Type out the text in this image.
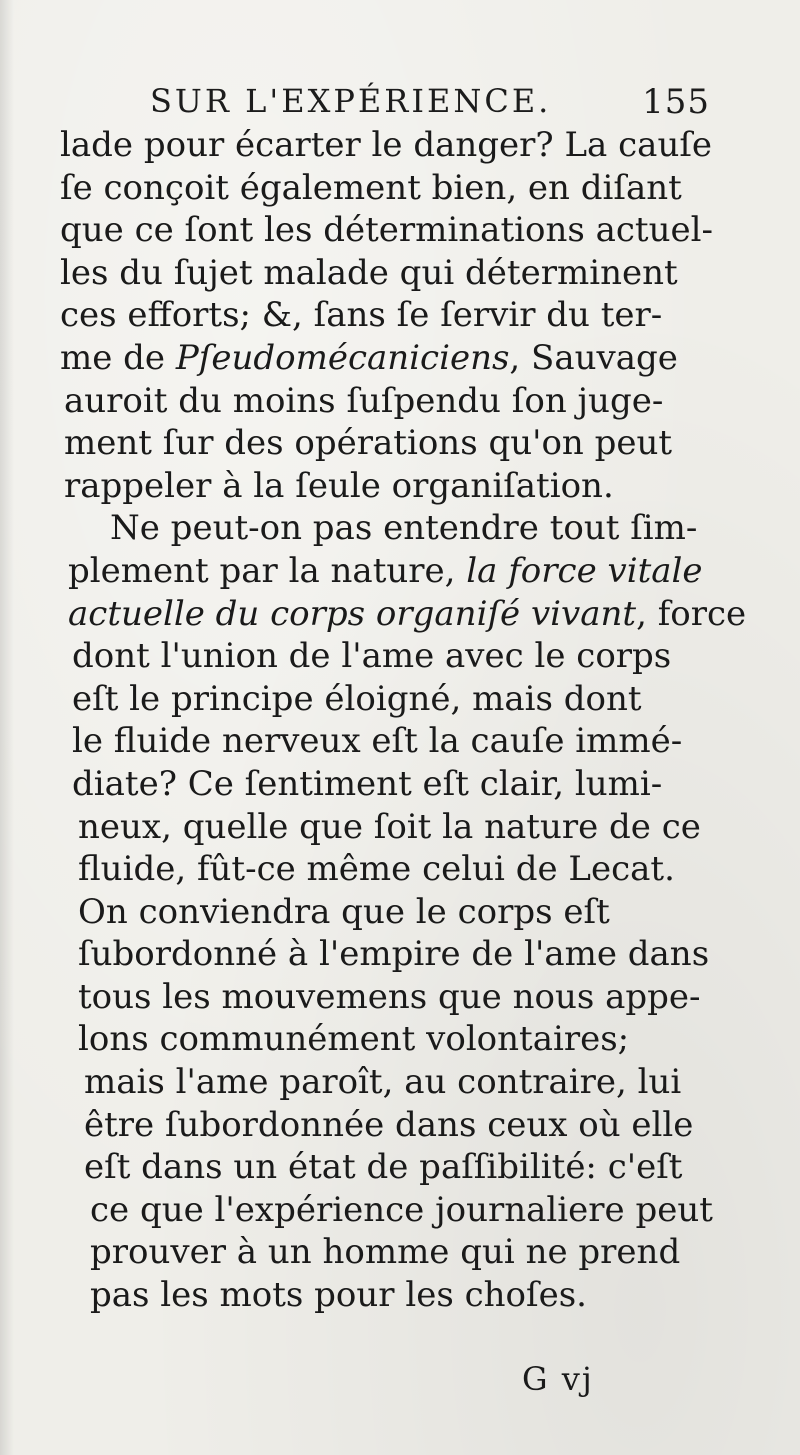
SUR L'EXPÉRIENCE.	155
lade pour écarter le danger? La cauſe
ſe conçoit également bien, en diſant
que ce ſont les déterminations actuel-
les du ſujet malade qui déterminent
ces efforts; &, ſans ſe ſervir du ter-
me de Pſeudomécaniciens, Sauvage
auroit du moins ſuſpendu ſon juge-
ment ſur des opérations qu'on peut
rappeler à la ſeule organiſation.
Ne peut-on pas entendre tout ſim-
plement par la nature, la force vitale
actuelle du corps organiſé vivant, force
dont l'union de l'ame avec le corps
eſt le principe éloigné, mais dont
le fluide nerveux eſt la cauſe immé-
diate? Ce ſentiment eſt clair, lumi-
neux, quelle que ſoit la nature de ce
fluide, fût-ce même celui de Lecat.
On conviendra que le corps eſt
ſubordonné à l'empire de l'ame dans
tous les mouvemens que nous appe-
lons communément volontaires;
mais l'ame paroît, au contraire, lui
être ſubordonnée dans ceux où elle
eſt dans un état de paſſibilité: c'eſt
ce que l'expérience journaliere peut
prouver à un homme qui ne prend
pas les mots pour les choſes.
G vj
